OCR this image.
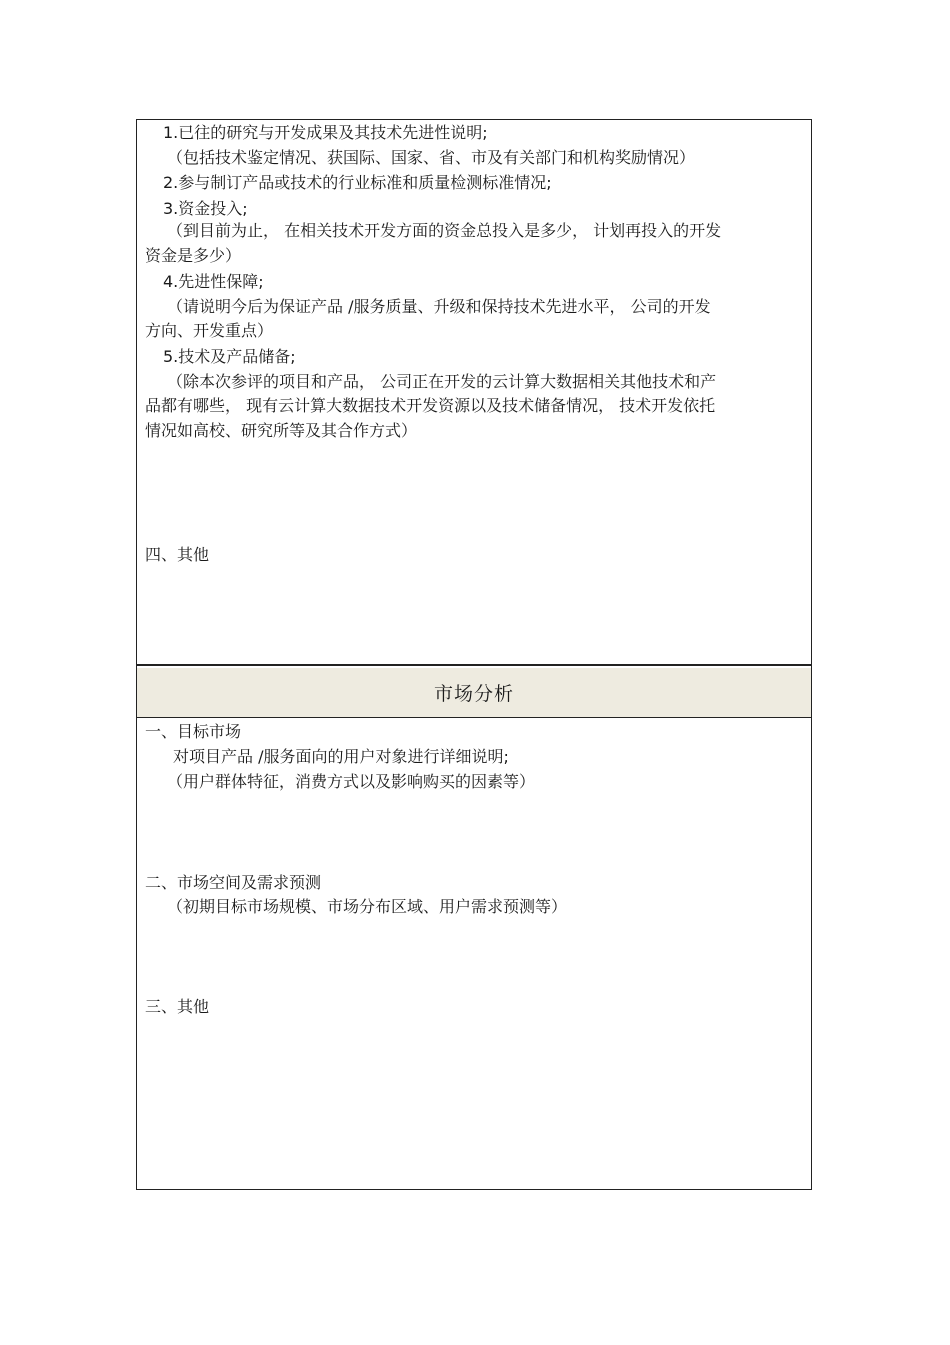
1.已往的研究与开发成果及其技术先进性说明;
（包括技术鉴定情况、获国际、国家、省、市及有关部门和机构奖励情况）
2.参与制订产品或技术的行业标准和质量检测标准情况;
3.资金投入;
（到目前为止， 在相关技术开发方面的资金总投入是多少， 计划再投入的开发
资金是多少）
4.先进性保障;
（请说明今后为保证产品 /服务质量、升级和保持技术先进水平， 公司的开发
方向、开发重点）
5.技术及产品储备;
（除本次参评的项目和产品， 公司正在开发的云计算大数据相关其他技术和产
品都有哪些， 现有云计算大数据技术开发资源以及技术储备情况， 技术开发依托
情况如高校、研究所等及其合作方式）
四、其他
市场分析
一、目标市场
对项目产品 /服务面向的用户对象进行详细说明;
（用户群体特征，消费方式以及影响购买的因素等）
二、市场空间及需求预测
（初期目标市场规模、市场分布区域、用户需求预测等）
三、其他
